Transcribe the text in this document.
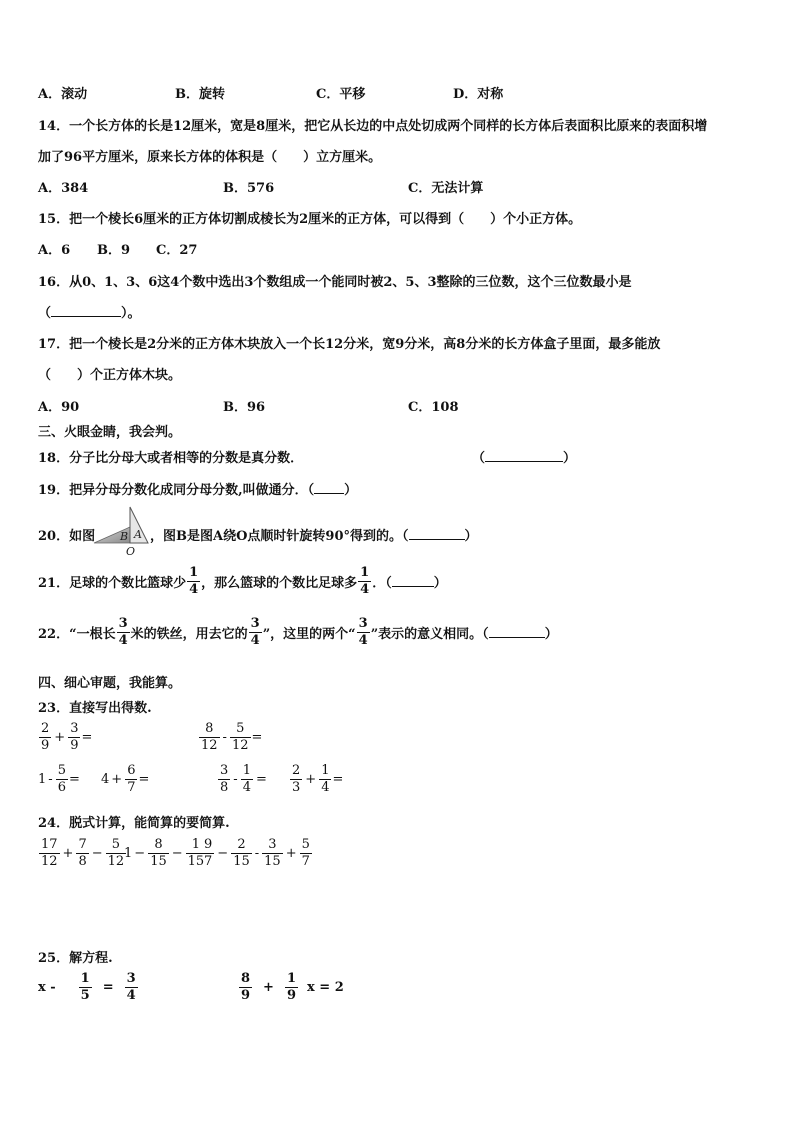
A．滚动	B．旋转	C．平移	D．对称
14．一个长方体的长是12厘米，宽是8厘米，把它从长边的中点处切成两个同样的长方体后表面积比原来的表面积增
加了96平方厘米，原来长方体的体积是（　　）立方厘米。
A．384	B．576	C．无法计算
15．把一个棱长6厘米的正方体切割成棱长为2厘米的正方体，可以得到（　　）个小正方体。
A．6 B．9 C．27
16．从0、1、3、6这4个数中选出3个数组成一个能同时被2、5、3整除的三位数，这个三位数最小是
（	）。
17．把一个棱长是2分米的正方体木块放入一个长12分米，宽9分米，高8分米的长方体盒子里面，最多能放
（　　）个正方体木块。
A．90	B．96	C．108
三、火眼金睛，我会判。
18．分子比分母大或者相等的分数是真分数．	（	）
19．把异分母分数化成同分母分数,叫做通分．（ ）
20．如图 B A
O
，图B是图A绕O点顺时针旋转90°得到的。（	）
21．足球的个数比篮球少 $\frac{1}{4}$ ，那么篮球的个数比足球多 $\frac{1}{4}$ ．（	）
22．“一根长 $\frac{3}{4}$ 米的铁丝，用去它的 $\frac{3}{4}$ ”，这里的两个“ $\frac{3}{4}$ ”表示的意义相同。（	）
四、细心审题，我能算。
23．直接写出得数.
$\frac{2}{9} + \frac{3}{9}$ =	$\frac{8}{12} - \frac{5}{12}$ =
$1 - \frac{5}{6} = 4 + \frac{6}{7}$ =	$\frac{3}{8} - \frac{1}{4} = \frac{2}{3} + \frac{1}{4}$ =
24．脱式计算，能简算的要简算.
$\frac{17}{12} + \frac{7}{8} - \frac{5}{12}$
$1 - \frac{8}{15} - \frac{1}{15}$
$\frac{9}{7} - \frac{2}{15} - \frac{3}{15} + \frac{5}{7}$
25．解方程.
$x - \frac{1}{5} = \frac{3}{4}$	$\frac{8}{9} + \frac{1}{9}$ x = 2
